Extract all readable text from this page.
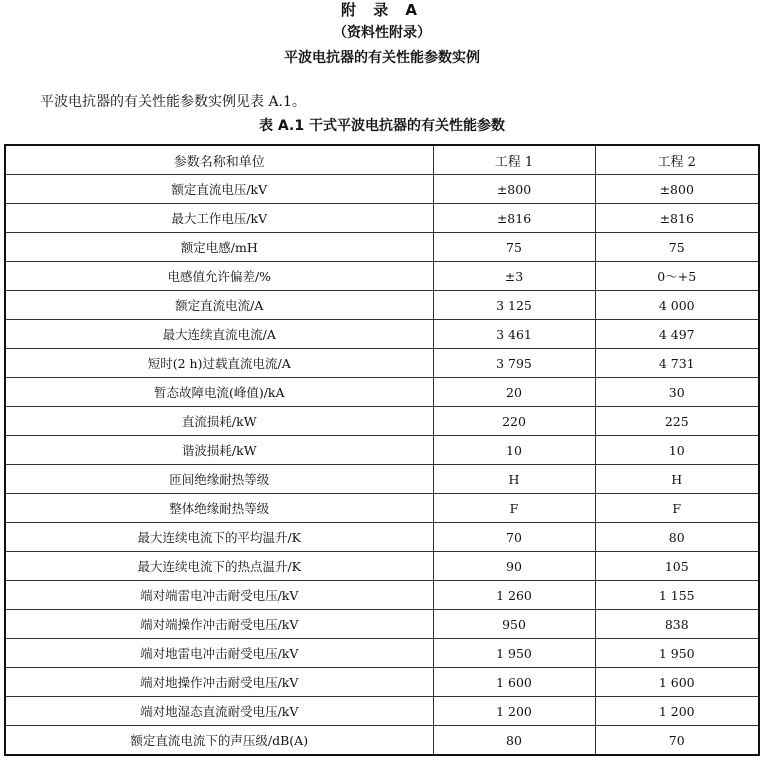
附 录 A
（资料性附录）
平波电抗器的有关性能参数实例
平波电抗器的有关性能参数实例见表 A.1。
表 A.1 干式平波电抗器的有关性能参数
参数名称和单位	工程 1	工程 2
额定直流电压/kV	±800	±800
最大工作电压/kV	±816	±816
额定电感/mH	75	75
电感值允许偏差/%	±3	0～+5
额定直流电流/A	3 125	4 000
最大连续直流电流/A	3 461	4 497
短时(2 h)过载直流电流/A	3 795	4 731
暂态故障电流(峰值)/kA	20	30
直流损耗/kW	220	225
谐波损耗/kW	10	10
匝间绝缘耐热等级	H	H
整体绝缘耐热等级	F	F
最大连续电流下的平均温升/K	70	80
最大连续电流下的热点温升/K	90	105
端对端雷电冲击耐受电压/kV	1 260	1 155
端对端操作冲击耐受电压/kV	950	838
端对地雷电冲击耐受电压/kV	1 950	1 950
端对地操作冲击耐受电压/kV	1 600	1 600
端对地湿态直流耐受电压/kV	1 200	1 200
额定直流电流下的声压级/dB(A)	80	70
